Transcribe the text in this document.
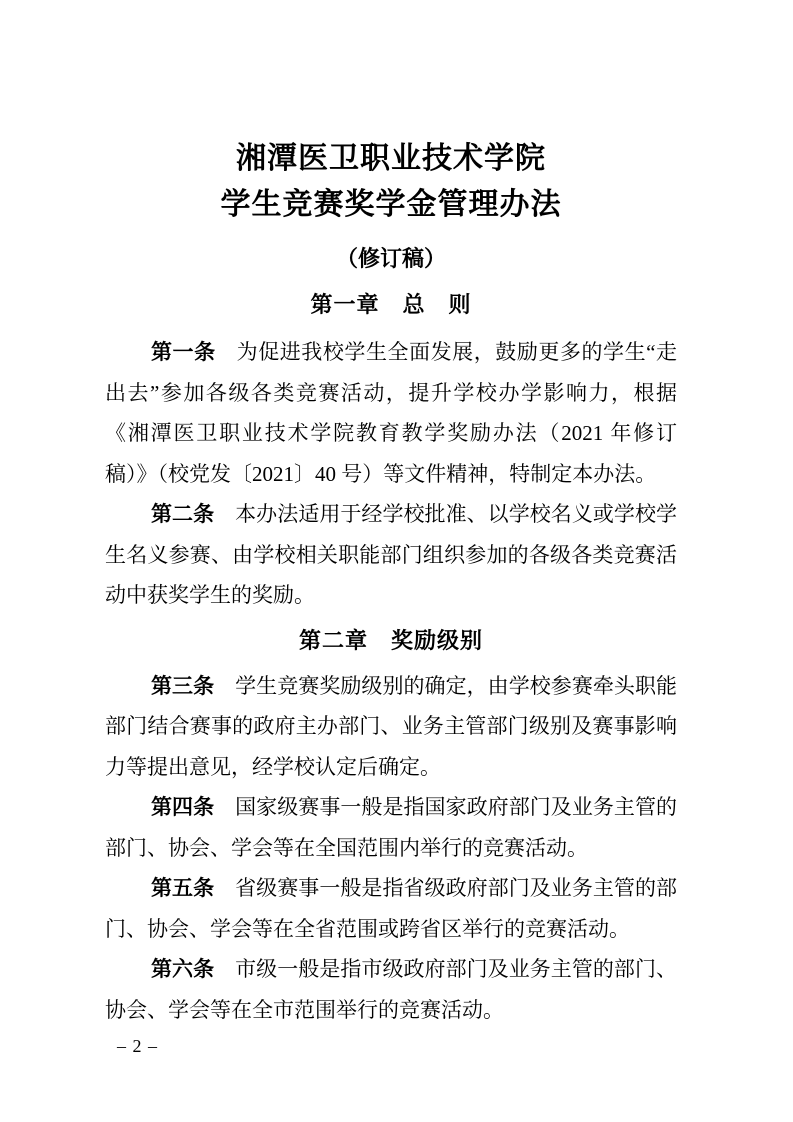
湘潭医卫职业技术学院
学生竞赛奖学金管理办法
（修订稿）
第一章　总　则

第一条 为促进我校学生全面发展，鼓励更多的学生“走出去”参加各级各类竞赛活动，提升学校办学影响力，根据《湘潭医卫职业技术学院教育教学奖励办法（2021 年修订稿）》（校党发〔2021〕40 号）等文件精神，特制定本办法。

第二条 本办法适用于经学校批准、以学校名义或学校学生名义参赛、由学校相关职能部门组织参加的各级各类竞赛活动中获奖学生的奖励。

第二章　奖励级别

第三条 学生竞赛奖励级别的确定，由学校参赛牵头职能部门结合赛事的政府主办部门、业务主管部门级别及赛事影响力等提出意见，经学校认定后确定。

第四条 国家级赛事一般是指国家政府部门及业务主管的部门、协会、学会等在全国范围内举行的竞赛活动。

第五条 省级赛事一般是指省级政府部门及业务主管的部门、协会、学会等在全省范围或跨省区举行的竞赛活动。

第六条 市级一般是指市级政府部门及业务主管的部门、协会、学会等在全市范围举行的竞赛活动。

– 2 –
